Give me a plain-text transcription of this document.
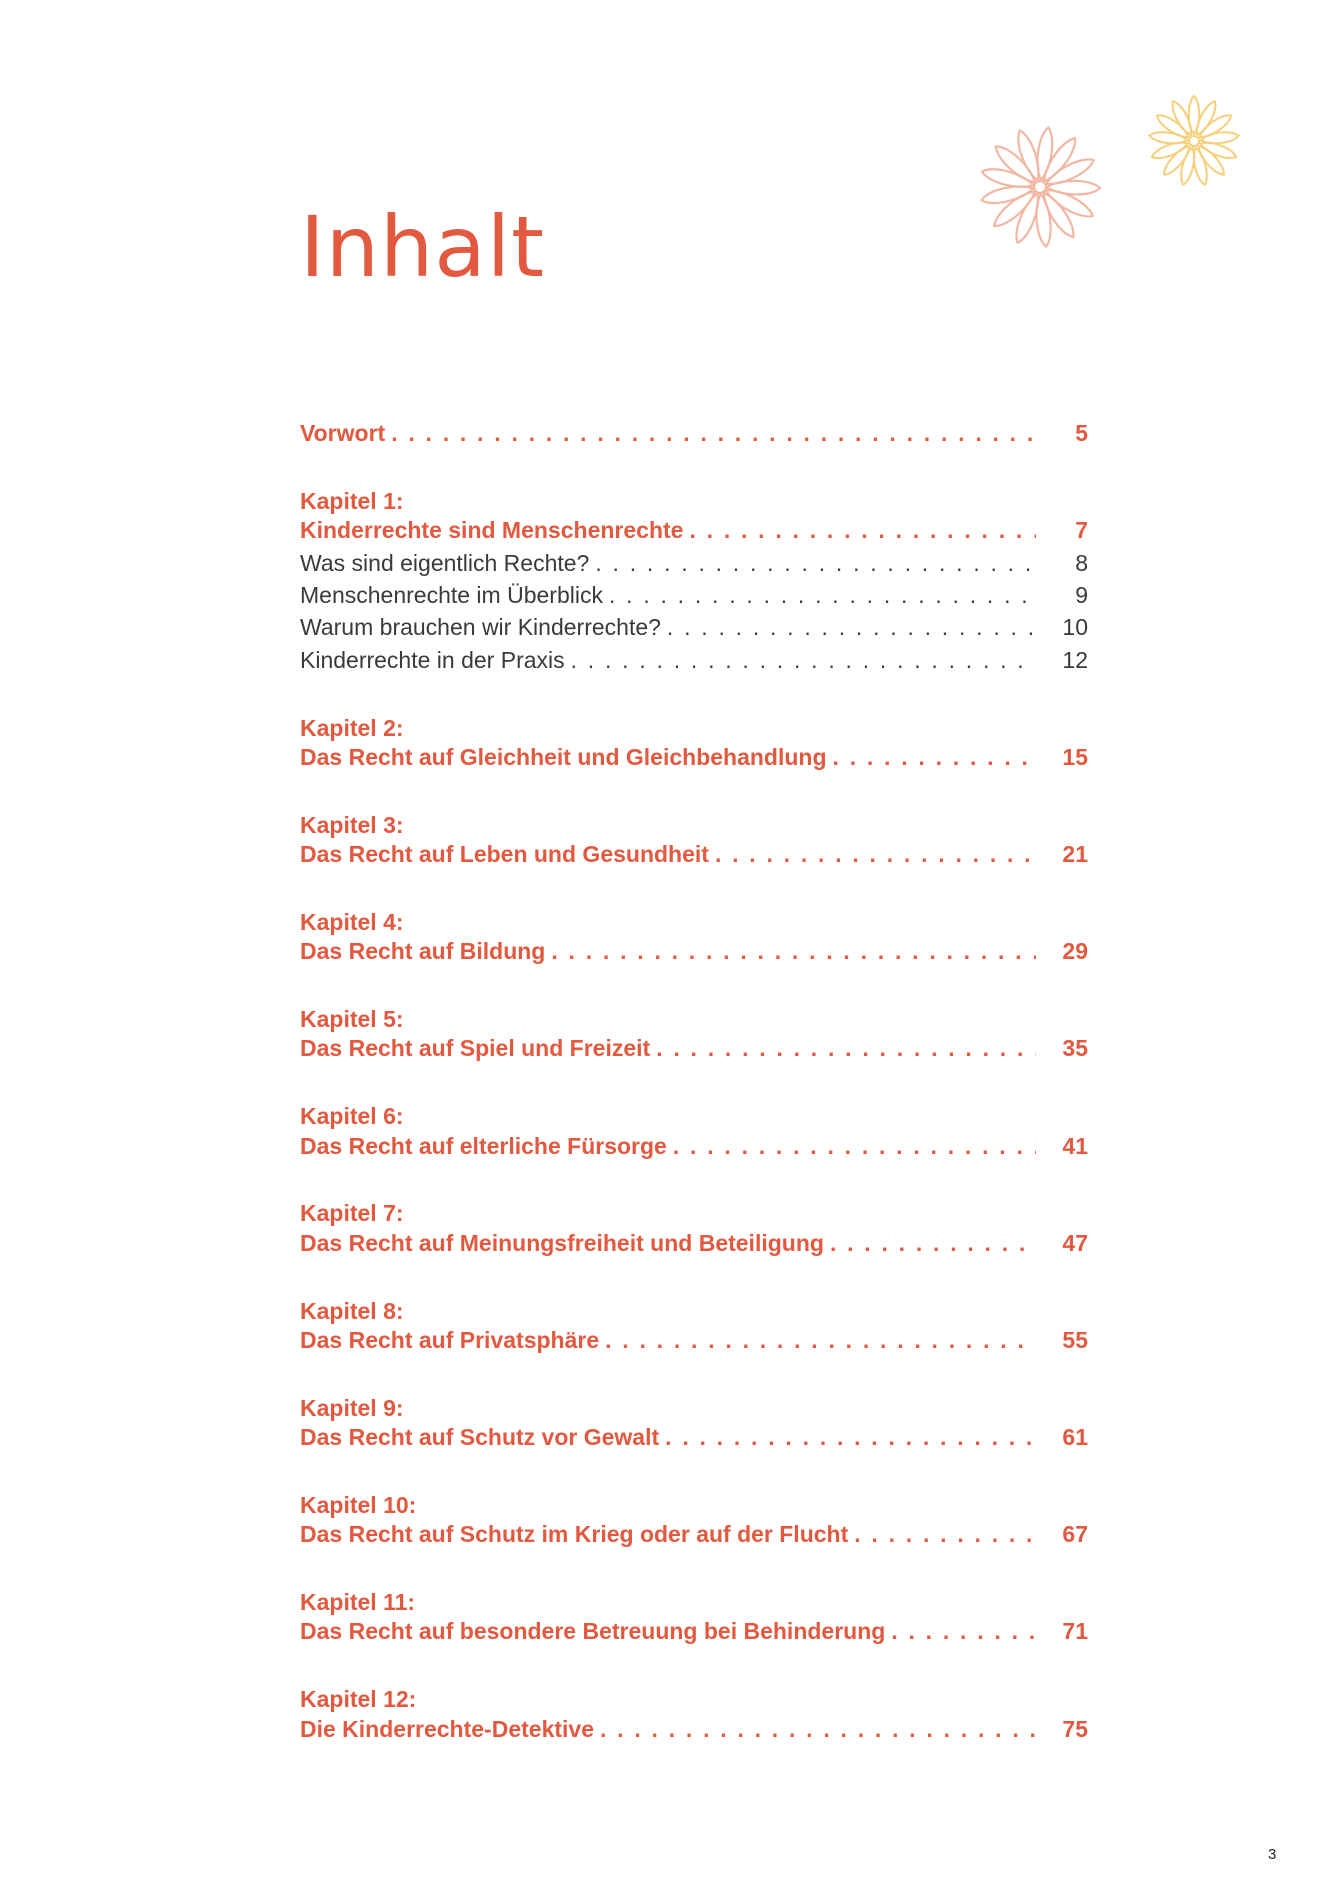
Inhalt
Vorwort . . .	5
Kapitel 1:
Kinderrechte sind Menschenrechte . . .	7
Was sind eigentlich Rechte? . . .	8
Menschenrechte im Überblick . . .	9
Warum brauchen wir Kinderrechte? . . .	10
Kinderrechte in der Praxis . . .	12
Kapitel 2:
Das Recht auf Gleichheit und Gleichbehandlung . . .	15
Kapitel 3:
Das Recht auf Leben und Gesundheit . . .	21
Kapitel 4:
Das Recht auf Bildung . . .	29
Kapitel 5:
Das Recht auf Spiel und Freizeit . . .	35
Kapitel 6:
Das Recht auf elterliche Fürsorge . . .	41
Kapitel 7:
Das Recht auf Meinungsfreiheit und Beteiligung . . .	47
Kapitel 8:
Das Recht auf Privatsphäre . . .	55
Kapitel 9:
Das Recht auf Schutz vor Gewalt . . .	61
Kapitel 10:
Das Recht auf Schutz im Krieg oder auf der Flucht . . .	67
Kapitel 11:
Das Recht auf besondere Betreuung bei Behinderung . . .	71
Kapitel 12:
Die Kinderrechte-Detektive . . .	75
3
